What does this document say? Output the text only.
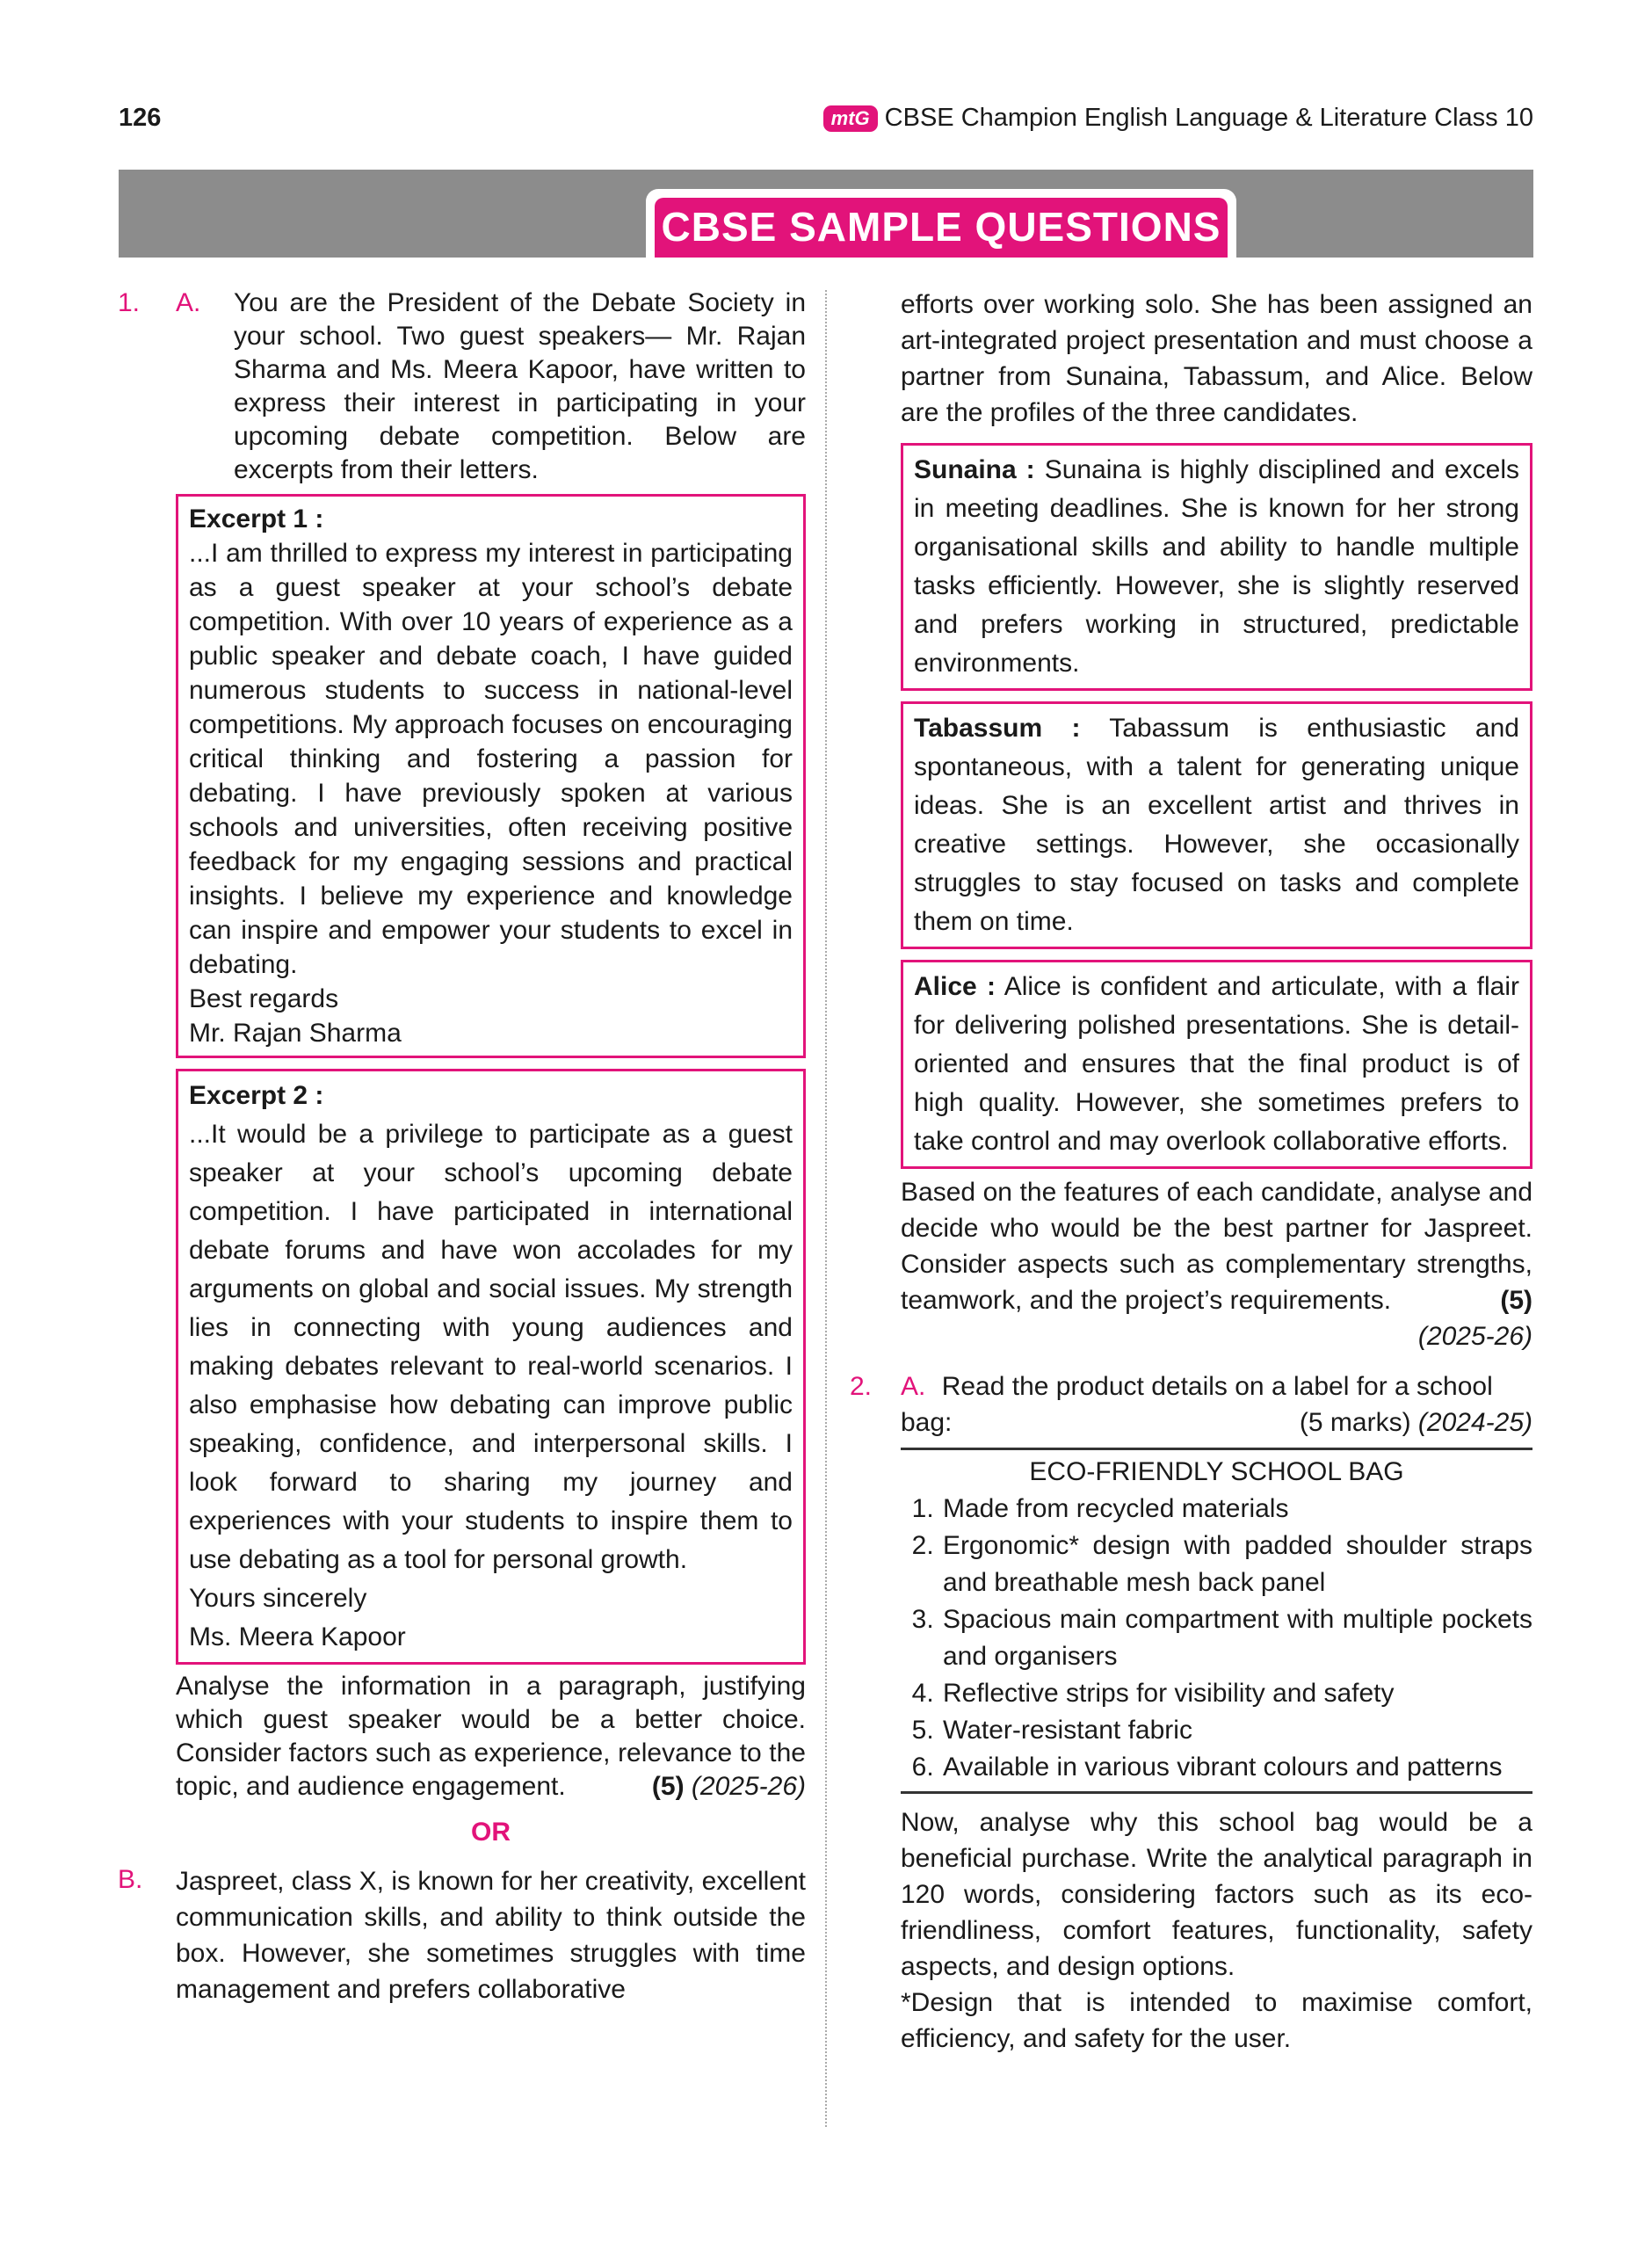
126	mtG CBSE Champion English Language & Literature Class 10
CBSE SAMPLE QUESTIONS
1. A. You are the President of the Debate Society in your school. Two guest speakers— Mr. Rajan Sharma and Ms. Meera Kapoor, have written to express their interest in participating in your upcoming debate competition. Below are excerpts from their letters.

Excerpt 1 :
...I am thrilled to express my interest in participating as a guest speaker at your school’s debate competition. With over 10 years of experience as a public speaker and debate coach, I have guided numerous students to success in national-level competitions. My approach focuses on encouraging critical thinking and fostering a passion for debating. I have previously spoken at various schools and universities, often receiving positive feedback for my engaging sessions and practical insights. I believe my experience and knowledge can inspire and empower your students to excel in debating.
Best regards
Mr. Rajan Sharma
Excerpt 2 :
...It would be a privilege to participate as a guest speaker at your school’s upcoming debate competition. I have participated in international debate forums and have won accolades for my arguments on global and social issues. My strength lies in connecting with young audiences and making debates relevant to real-world scenarios. I also emphasise how debating can improve public speaking, confidence, and interpersonal skills. I look forward to sharing my journey and experiences with your students to inspire them to use debating as a tool for personal growth.
Yours sincerely
Ms. Meera Kapoor

Analyse the information in a paragraph, justifying which guest speaker would be a better choice. Consider factors such as experience, relevance to the topic, and audience engagement.	(5) (2025-26)

OR
B. Jaspreet, class X, is known for her creativity, excellent communication skills, and ability to think outside the box. However, she sometimes struggles with time management and prefers collaborative

efforts over working solo. She has been assigned an art-integrated project presentation and must choose a partner from Sunaina, Tabassum, and Alice. Below are the profiles of the three candidates.

Sunaina : Sunaina is highly disciplined and excels in meeting deadlines. She is known for her strong organisational skills and ability to handle multiple tasks efficiently. However, she is slightly reserved and prefers working in structured, predictable environments.
Tabassum : Tabassum is enthusiastic and spontaneous, with a talent for generating unique ideas. She is an excellent artist and thrives in creative settings. However, she occasionally struggles to stay focused on tasks and complete them on time.
Alice : Alice is confident and articulate, with a flair for delivering polished presentations. She is detail-oriented and ensures that the final product is of high quality. However, she sometimes prefers to take control and may overlook collaborative efforts.

Based on the features of each candidate, analyse and decide who would be the best partner for Jaspreet. Consider aspects such as complementary strengths, teamwork, and the project’s requirements.	(5)

(2025-26)
2. A. Read the product details on a label for a school bag:	(5 marks) (2024-25)
ECO-FRIENDLY SCHOOL BAG
1. Made from recycled materials
2. Ergonomic* design with padded shoulder straps and breathable mesh back panel
3. Spacious main compartment with multiple pockets and organisers
4. Reflective strips for visibility and safety
5. Water-resistant fabric
6. Available in various vibrant colours and patterns

Now, analyse why this school bag would be a beneficial purchase. Write the analytical paragraph in 120 words, considering factors such as its eco-friendliness, comfort features, functionality, safety aspects, and design options.

*Design that is intended to maximise comfort, efficiency, and safety for the user.
